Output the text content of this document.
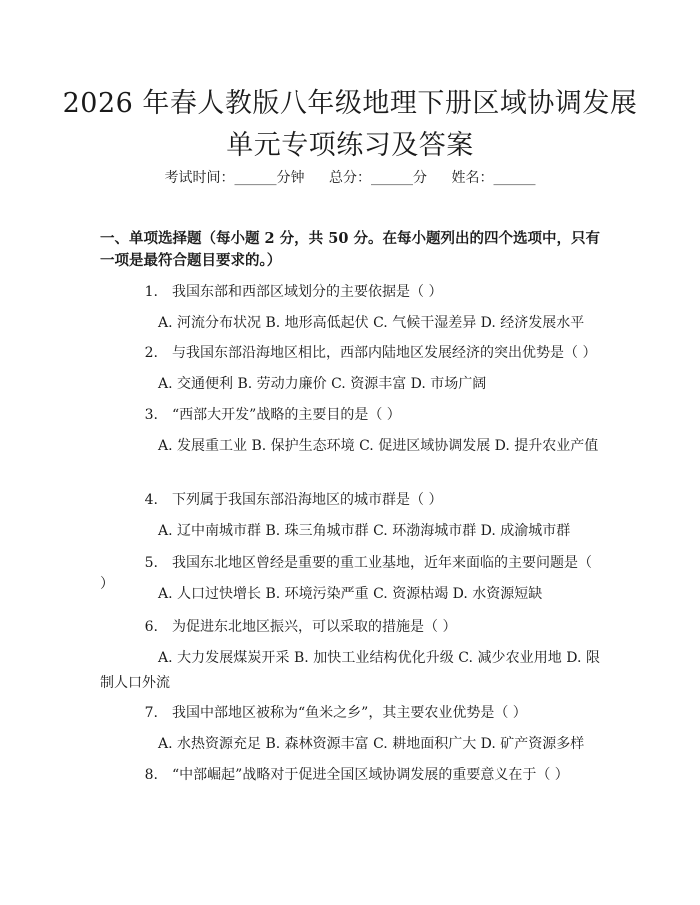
2026 年春人教版八年级地理下册区域协调发展单元专项练习及答案
考试时间：______分钟 总分：______分 姓名：______
一、单项选择题（每小题 2 分，共 50 分。在每小题列出的四个选项中，只有一项是最符合题目要求的。）
1. 我国东部和西部区域划分的主要依据是（ ）
A. 河流分布状况 B. 地形高低起伏 C. 气候干湿差异 D. 经济发展水平
2. 与我国东部沿海地区相比，西部内陆地区发展经济的突出优势是（ ）
A. 交通便利 B. 劳动力廉价 C. 资源丰富 D. 市场广阔
3. “西部大开发”战略的主要目的是（ ）
A. 发展重工业 B. 保护生态环境 C. 促进区域协调发展 D. 提升农业产值
4. 下列属于我国东部沿海地区的城市群是（ ）
A. 辽中南城市群 B. 珠三角城市群 C. 环渤海城市群 D. 成渝城市群
5. 我国东北地区曾经是重要的重工业基地，近年来面临的主要问题是（ ）
A. 人口过快增长 B. 环境污染严重 C. 资源枯竭 D. 水资源短缺
6. 为促进东北地区振兴，可以采取的措施是（ ）
A. 大力发展煤炭开采 B. 加快工业结构优化升级 C. 减少农业用地 D. 限制人口外流
7. 我国中部地区被称为“鱼米之乡”，其主要农业优势是（ ）
A. 水热资源充足 B. 森林资源丰富 C. 耕地面积广大 D. 矿产资源多样
8. “中部崛起”战略对于促进全国区域协调发展的重要意义在于（ ）
